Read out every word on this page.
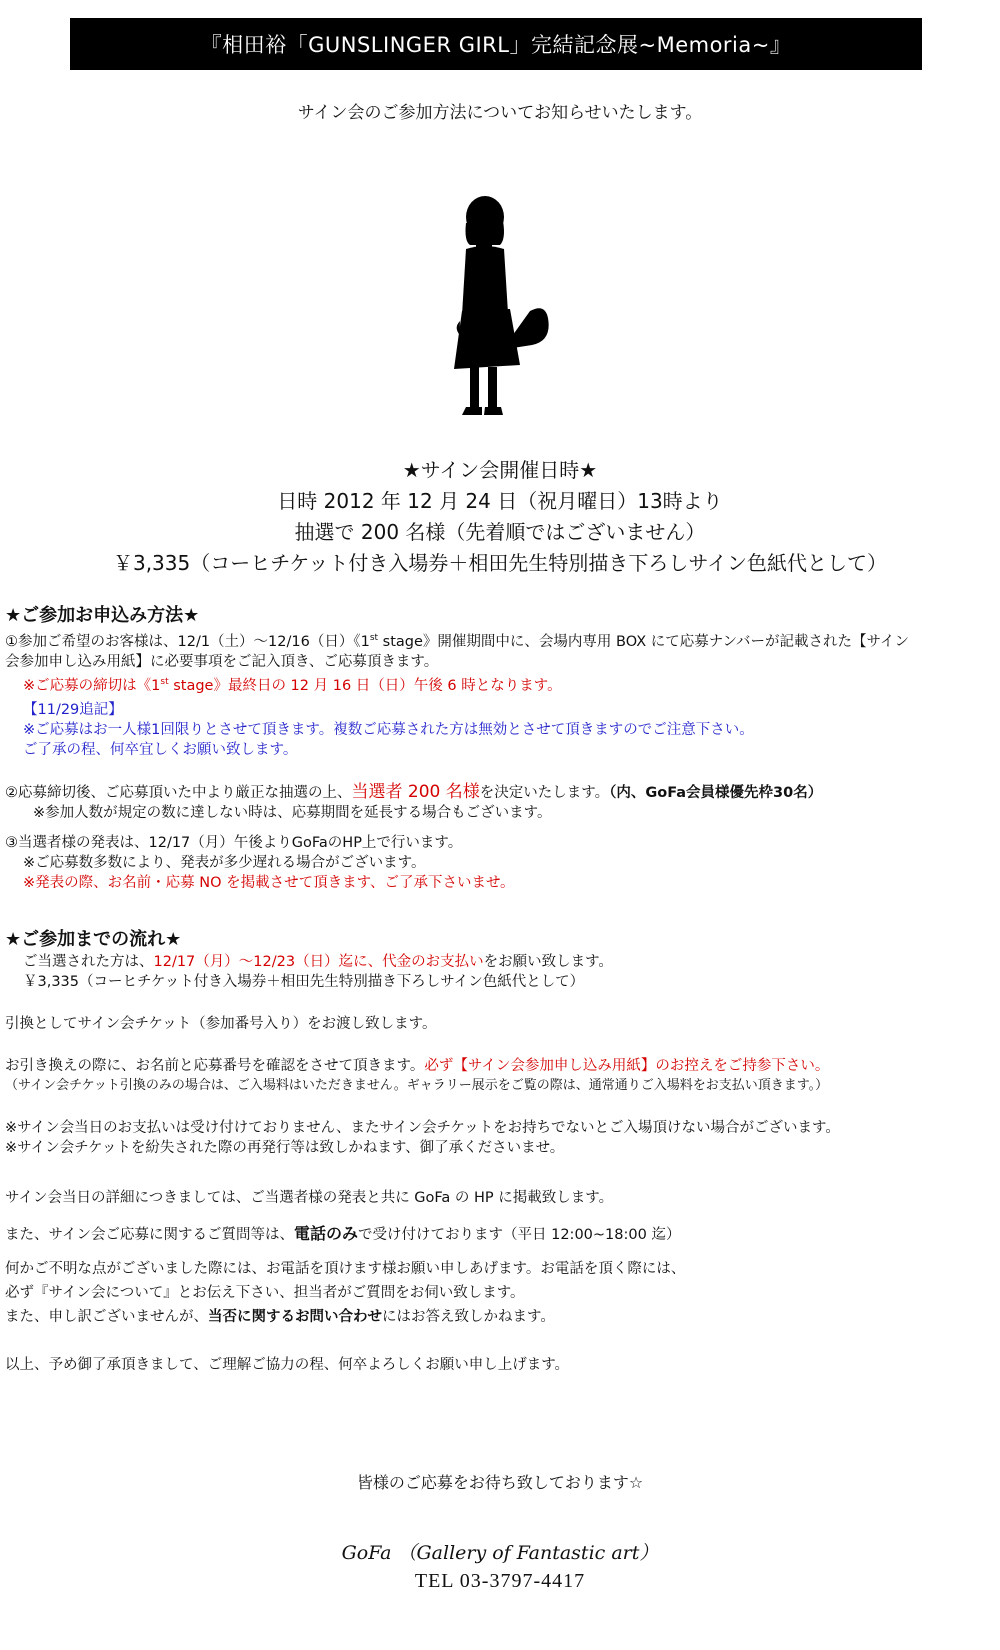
『相田裕「GUNSLINGER GIRL」完結記念展~Memoria~』
サイン会のご参加方法についてお知らせいたします。
★サイン会開催日時★
日時 2012 年 12 月 24 日（祝月曜日）13時より
抽選で 200 名様（先着順ではございません）
￥3,335（コーヒチケット付き入場券＋相田先生特別描き下ろしサイン色紙代として）
★ご参加お申込み方法★
①参加ご希望のお客様は、12/1（土）～12/16（日）《1st stage》開催期間中に、会場内専用 BOX にて応募ナンバーが記載された【サイン
会参加申し込み用紙】に必要事項をご記入頂き、ご応募頂きます。
※ご応募の締切は《1st stage》最終日の 12 月 16 日（日）午後 6 時となります。
【11/29追記】
※ご応募はお一人様1回限りとさせて頂きます。複数ご応募された方は無効とさせて頂きますのでご注意下さい。
ご了承の程、何卒宜しくお願い致します。
②応募締切後、ご応募頂いた中より厳正な抽選の上、当選者 200 名様を決定いたします。（内、GoFa会員様優先枠30名）
※参加人数が規定の数に達しない時は、応募期間を延長する場合もございます。
③当選者様の発表は、12/17（月）午後よりGoFaのHP上で行います。
※ご応募数多数により、発表が多少遅れる場合がございます。
※発表の際、お名前・応募 NO を掲載させて頂きます、ご了承下さいませ。
★ご参加までの流れ★
ご当選された方は、12/17（月）～12/23（日）迄に、代金のお支払いをお願い致します。
￥3,335（コーヒチケット付き入場券＋相田先生特別描き下ろしサイン色紙代として）
引換としてサイン会チケット（参加番号入り）をお渡し致します。
お引き換えの際に、お名前と応募番号を確認をさせて頂きます。必ず【サイン会参加申し込み用紙】のお控えをご持参下さい。
（サイン会チケット引換のみの場合は、ご入場料はいただきません。ギャラリー展示をご覧の際は、通常通りご入場料をお支払い頂きます。）
※サイン会当日のお支払いは受け付けておりません、またサイン会チケットをお持ちでないとご入場頂けない場合がございます。
※サイン会チケットを紛失された際の再発行等は致しかねます、御了承くださいませ。
サイン会当日の詳細につきましては、ご当選者様の発表と共に GoFa の HP に掲載致します。
また、サイン会ご応募に関するご質問等は、電話のみで受け付けております（平日 12:00~18:00 迄）
何かご不明な点がございました際には、お電話を頂けます様お願い申しあげます。お電話を頂く際には、
必ず『サイン会について』とお伝え下さい、担当者がご質問をお伺い致します。
また、申し訳ございませんが、当否に関するお問い合わせにはお答え致しかねます。
以上、予め御了承頂きまして、ご理解ご協力の程、何卒よろしくお願い申し上げます。
皆様のご応募をお待ち致しております☆
GoFa （Gallery of Fantastic art）
TEL 03-3797-4417
